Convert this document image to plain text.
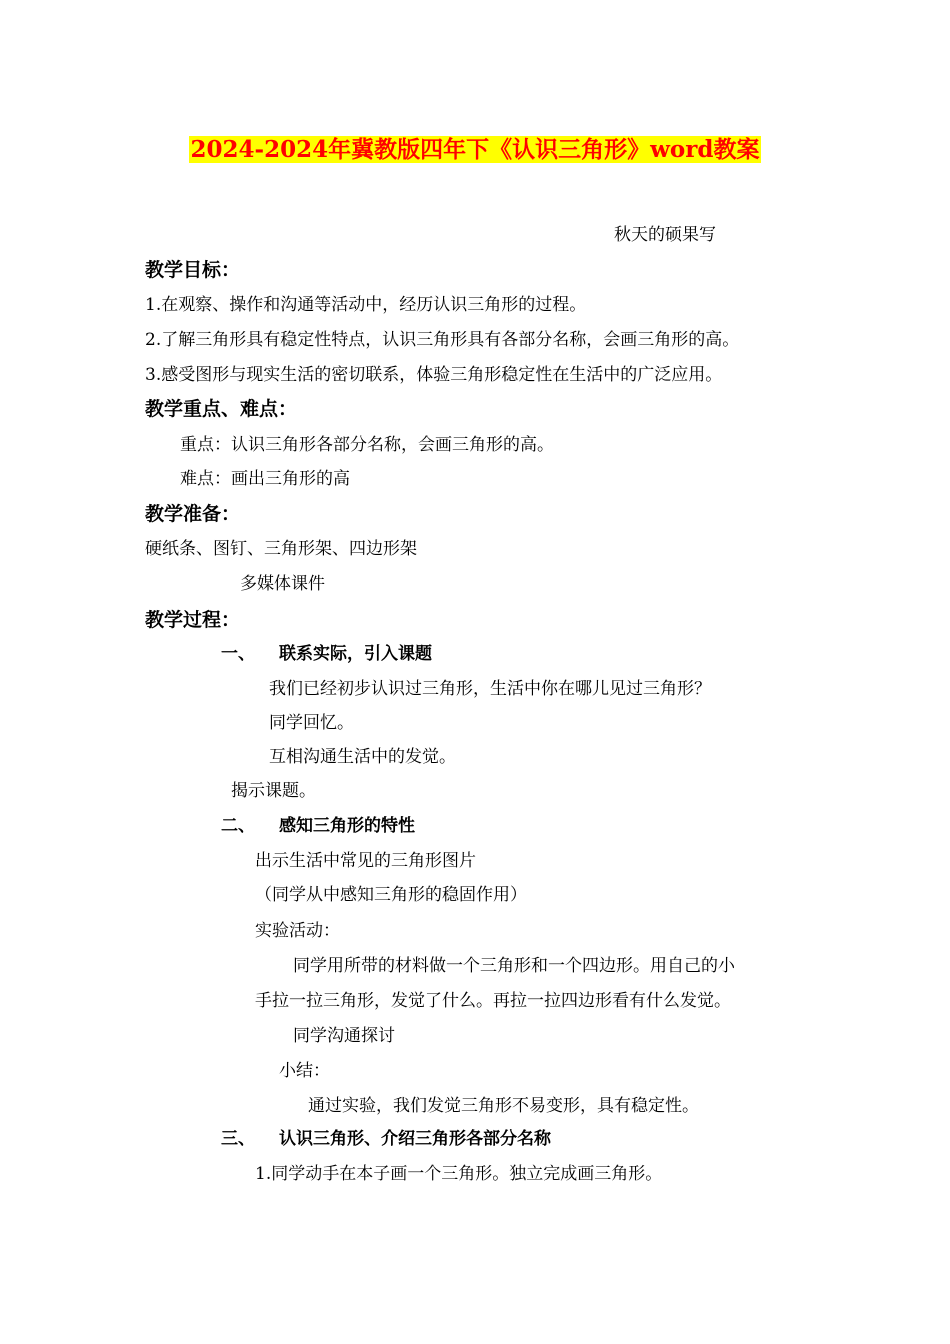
2024-2024年冀教版四年下《认识三角形》word教案
秋天的硕果写
教学目标：
1.在观察、操作和沟通等活动中，经历认识三角形的过程。
2.了解三角形具有稳定性特点，认识三角形具有各部分名称，会画三角形的高。
3.感受图形与现实生活的密切联系，体验三角形稳定性在生活中的广泛应用。
教学重点、难点：
重点：认识三角形各部分名称，会画三角形的高。
难点：画出三角形的高
教学准备：
硬纸条、图钉、三角形架、四边形架
多媒体课件
教学过程：
一、 联系实际，引入课题
我们已经初步认识过三角形，生活中你在哪儿见过三角形？
同学回忆。
互相沟通生活中的发觉。
揭示课题。
二、 感知三角形的特性
出示生活中常见的三角形图片
（同学从中感知三角形的稳固作用）
实验活动：
同学用所带的材料做一个三角形和一个四边形。用自己的小
手拉一拉三角形，发觉了什么。再拉一拉四边形看有什么发觉。
同学沟通探讨
小结：
通过实验，我们发觉三角形不易变形，具有稳定性。
三、 认识三角形、介绍三角形各部分名称
1.同学动手在本子画一个三角形。独立完成画三角形。
